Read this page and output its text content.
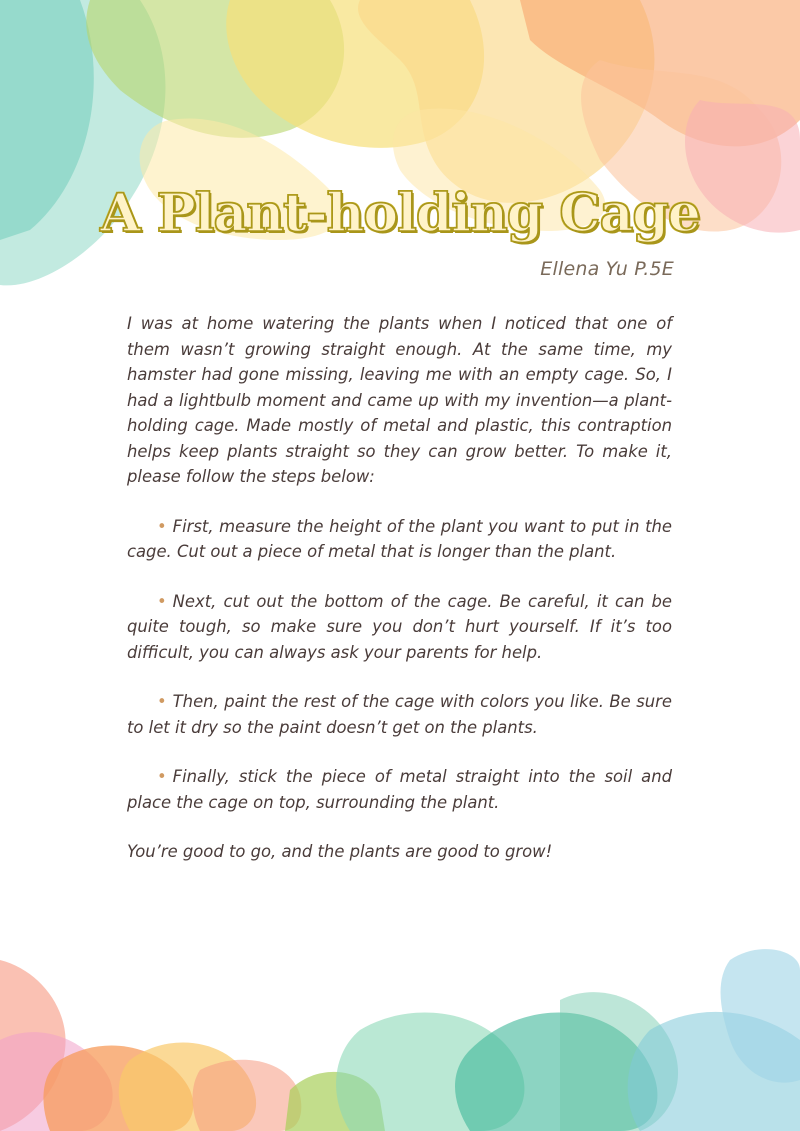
A Plant-holding Cage
Ellena Yu P.5E

I was at home watering the plants when I noticed that one of them wasn’t growing straight enough. At the same time, my hamster had gone missing, leaving me with an empty cage. So, I had a lightbulb moment and came up with my invention—a plant-holding cage. Made mostly of metal and plastic, this contraption helps keep plants straight so they can grow better. To make it, please follow the steps below:

• First, measure the height of the plant you want to put in the cage. Cut out a piece of metal that is longer than the plant.

• Next, cut out the bottom of the cage. Be careful, it can be quite tough, so make sure you don’t hurt yourself. If it’s too difficult, you can always ask your parents for help.

• Then, paint the rest of the cage with colors you like. Be sure to let it dry so the paint doesn’t get on the plants.

• Finally, stick the piece of metal straight into the soil and place the cage on top, surrounding the plant.

You’re good to go, and the plants are good to grow!
